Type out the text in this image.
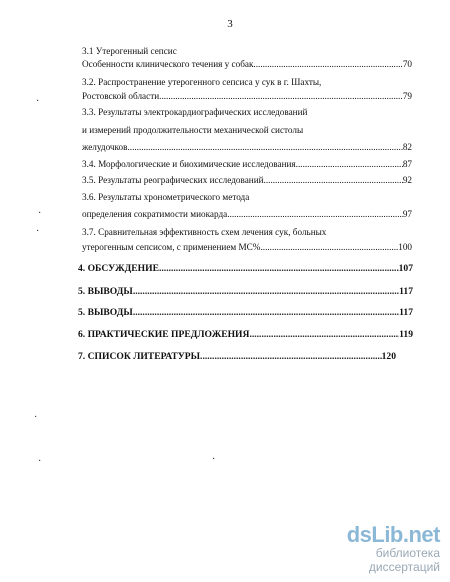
3
3.1 Утерогенный сепсис
Особенности клинического течения у собак .....	70
3.2. Распространение утерогенного сепсиса у сук в г. Шахты,
Ростовской области .....	79
3.3. Результаты электрокардиографических исследований
и измерений продолжительности механической систолы
желудочков .....	82
3.4. Морфологические и биохимические исследования .....	87
3.5. Результаты реографических исследований .....	92
3.6. Результаты хронометрического метода
определения сократимости миокарда .....	97
3.7. Сравнительная эффективность схем лечения сук, больных
утерогенным сепсисом, с применением МС% .....	100
4. ОБСУЖДЕНИЕ .....	107
5. ВЫВОДЫ .....	117
5. ВЫВОДЫ .....	117
6. ПРАКТИЧЕСКИЕ ПРЕДЛОЖЕНИЯ .....	119
7. СПИСОК ЛИТЕРАТУРЫ .....	120
·
·
·
·
·	·
dsLib.net
библиотека диссертаций
